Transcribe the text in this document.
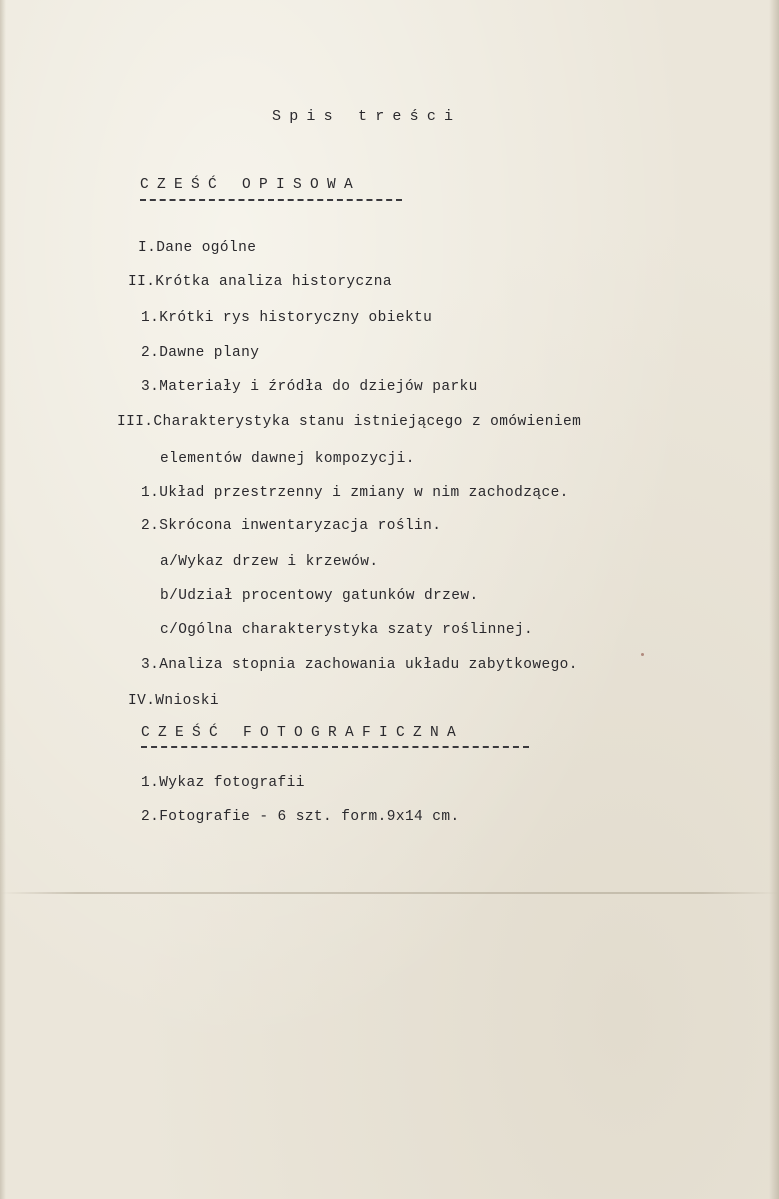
Spis treści
CZEŚĆ OPISOWA
I.Dane ogólne
II.Krótka analiza historyczna
1.Krótki rys historyczny obiektu
2.Dawne plany
3.Materiały i źródła do dziejów parku
III.Charakterystyka stanu istniejącego z omówieniem
elementów dawnej kompozycji.
1.Układ przestrzenny i zmiany w nim zachodzące.
2.Skrócona inwentaryzacja roślin.
a/Wykaz drzew i krzewów.
b/Udział procentowy gatunków drzew.
c/Ogólna charakterystyka szaty roślinnej.
3.Analiza stopnia zachowania układu zabytkowego.
IV.Wnioski
CZEŚĆ FOTOGRAFICZNA
1.Wykaz fotografii
2.Fotografie - 6 szt. form.9x14 cm.
